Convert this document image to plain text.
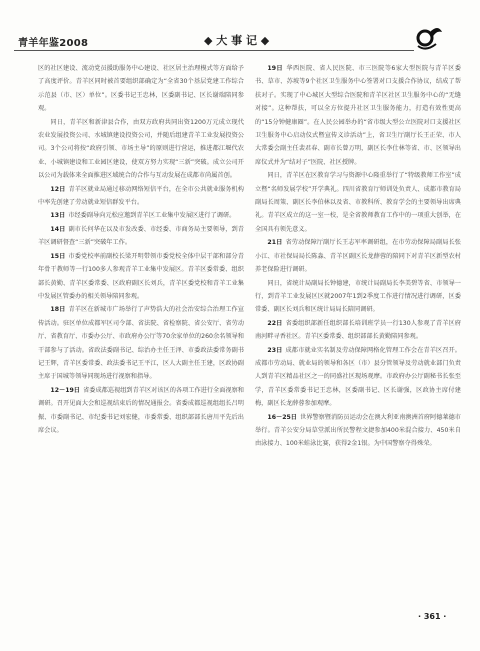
青羊年鉴2008	◆ 大 事 记 ◆

区的社区建设、流动党员援助服务中心建设、社区居主治理模式等方面给予了高度评价。青羊区同时被首要组织部确定为“全省30个基层党建工作综合示范县（市、区）单位”。区委书记王忠林，区委副书记、区长谢瑞陪同参观。

同日，青羊区和新津县合作，由双方政府共同出资1200万元成立现代农业发展投资公司、水城镇建设投资公司，并随后组建青羊工业发展投资公司。3个公司将按“政府引领、市场主导”的原则进行营运，推进都江堰代农业、小城镇建设和工业园区建设，使双方努力实现“三新”突破。成立公司开以公司为载体来全面推进区域统合的合作与互动发展在成都市尚属首创。

12日  青羊区就业局通过移动网络短信平台，在全市公共就业服务机构中率先创建了劳动就业短信群发平台。

13日  市经委副导向元松应邀到青羊区工业集中发展区进行了调研。

14日  副市长何华在以及市发改委、市经委、市商务局主要领导，到青羊区调研督查“三新”突破年工作。

15日  市委党校率前副校长梁开明带领市委党校全体中层干部和部分青年骨干教师等一行100多人参观青羊工业集中发展区。青羊区委常委、组织部长黄勤、青羊区委常委、区政府副区长刘兵，青羊区委党校和青羊工业集中发展区管委办的相关领导陪同参观。

18日  青羊区在新城市广场举行了声势浩大的社会治安综合治理工作宣传活动。驻区单位成都军区司令部、省法院、省检察院、省公安厅、省劳动厅、省教育厅、市委办公厅、市政府办公厅等70余家单位的260余名领导和干部参与了活动。省政法委副书记、综治办主任王泽、市委政法委常务副书记王辉，青羊区委常委、政法委书记王平江，区人大副主任王建，区政协副主席于国城等领导同现场进行视察和指导。

12－19日  省委成都巡视组到青羊区对该区的各项工作进行全面视察和调研。召开见面大会和巡视结束后的情况通报会。省委成都巡视组组长吕明振、市委副书记、市纪委书记刘宏健，市委常委、组织部部长唐川平先后出席会议。

19日  华西医院、省人民医院、市三医院等6家大型医院与青羊区委书、草市、苏坡等9个社区卫生服务中心签署对口支援合作协议，结成了帮扶对子。实现了中心城区大型综合医院和青羊区社区卫生服务中心的“无缝对接”。这种帮扶，可以全方位提升社区卫生服务能力，打造有效性更高的“15分钟健康圈”。在人民公园举办的“省市级大型公立医院对口支援社区卫生服务中心启动仪式暨宣传义诊活动”上，省卫生厅副厅长王正荣、市人大常委会副主任裴君春、副市长曾万明，副区长李仕林等省、市、区领导出席仪式并为“结对子”医院、社区授牌。

同日，青羊区在区教育学习与资源中心隆重举行了“特级教师工作室”成立暨“名师发展学校”开学典礼。四川省教育厅师训处负责人、成都市教育局副局长周策、副区长李伯林以及省、市教科所、教育学会的主要领导出席典礼。青羊区成立的这一室一校，是全省教师教育工作中的一项重大创举，在全国具有领先意义。

21日  省劳动保障厅副厅长王志军率调研组，在市劳动保障局副局长张小江、市社保局局长陈淼、青羊区副区长龙薛蓉的陪同下对青羊区新型农村养老保险进行调研。

同日，省统计局副局长钟德建，市统计局副局长李美碧等省、市领导一行，到青羊工业发展区区就2007年1到2季度工作进行情况进行调研，区委常委、副区长刘兵和区统计局局长陪同调研。

22日  省委组织部新任组织部长培训班学员一行130人参观了青羊区府南河畔寻香社区。青羊区委常委、组织部部长黄勤陪同参观。

23日  成都市就业实名制及劳动保障网格化管理工作会在青羊区召开。成都市劳动局、就业局的领导和各区（市）县分管领导及劳动就业部门负责人到青羊区精品社区之一的同盛社区现场观摩。市政府办公厅副秘书长张至学，青羊区委常委书记王忠林，区委副书记、区长谢强，区政协主席付建梅，副区长龙薛蓉参加观摩。

16－25日  世界警察暨消防员运动会在澳大利亚南澳洲首府阿德莱德市举行。青羊公安分局草堂派出所民警程文捷参加400米混合接力、450米自由泳接力、100米蛙泳比赛，获得2金1银。为中国警察夺得殊荣。

· 361 ·
